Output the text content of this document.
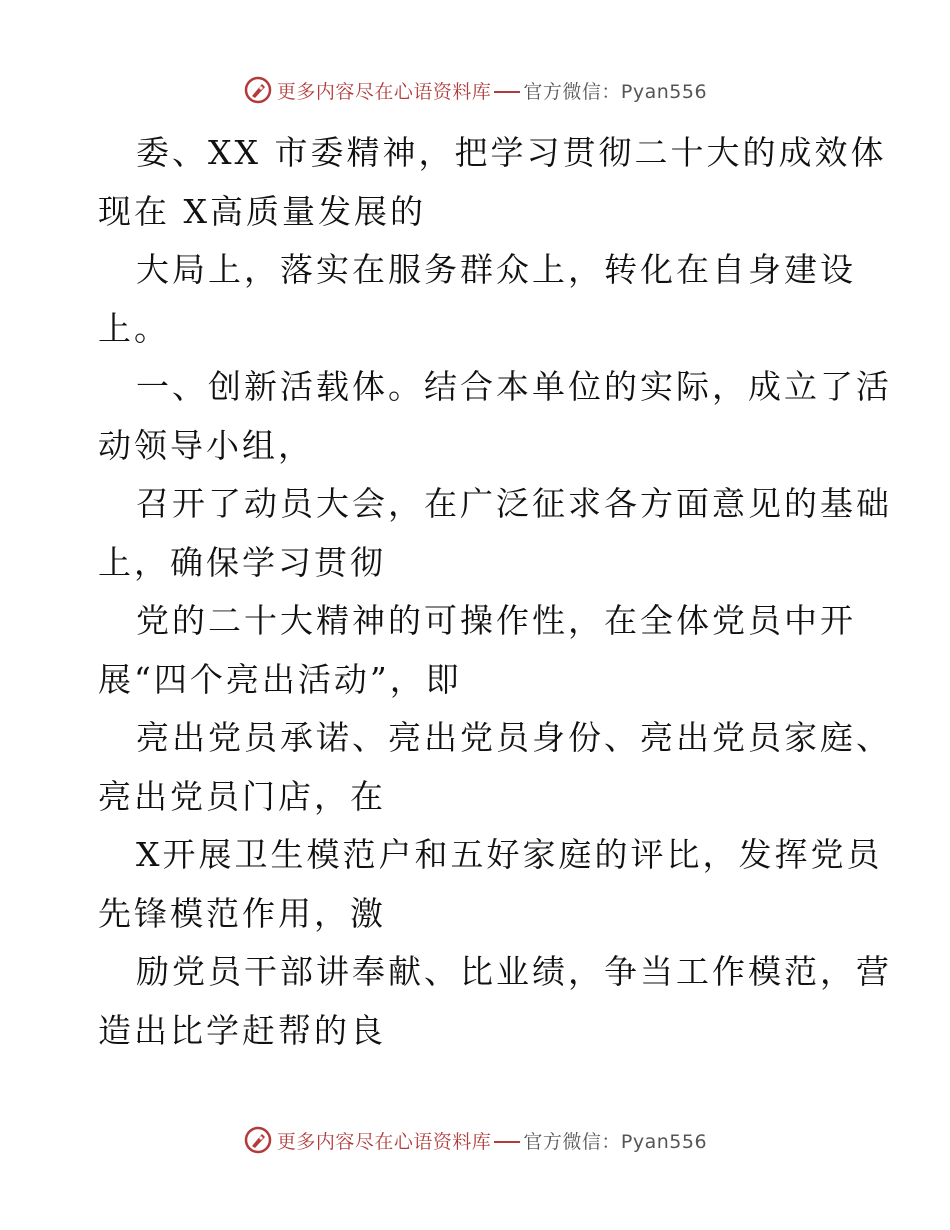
更多内容尽在心语资料库 官方微信：Pyan556
委、XX 市委精神，把学习贯彻二十大的成效体
现在 X高质量发展的
大局上，落实在服务群众上，转化在自身建设
上。
一、创新活载体。结合本单位的实际，成立了活
动领导小组，
召开了动员大会，在广泛征求各方面意见的基础
上，确保学习贯彻
党的二十大精神的可操作性，在全体党员中开
展“四个亮出活动”，即
亮出党员承诺、亮出党员身份、亮出党员家庭、
亮出党员门店，在
X开展卫生模范户和五好家庭的评比，发挥党员
先锋模范作用，激
励党员干部讲奉献、比业绩，争当工作模范，营
造出比学赶帮的良
更多内容尽在心语资料库 官方微信：Pyan556
